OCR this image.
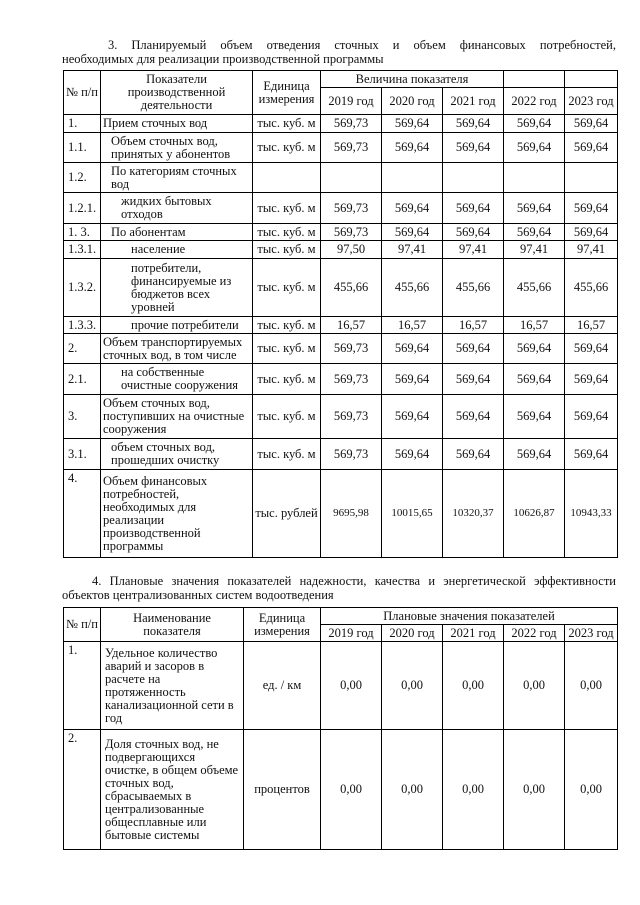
3. Планируемый объем отведения сточных и объем финансовых потребностей,
необходимых для реализации производственной программы
№ п/п	Показатели производственной деятельности	Единица измерения	Величина показателя				
			2019 год	2020 год	2021 год	2022 год	2023 год
1.	Прием сточных вод	тыс. куб. м	569,73	569,64	569,64	569,64	569,64
1.1.	Объем сточных вод, принятых у абонентов	тыс. куб. м	569,73	569,64	569,64	569,64	569,64
1.2.	По категориям сточных вод						
1.2.1.	жидких бытовых отходов	тыс. куб. м	569,73	569,64	569,64	569,64	569,64
1. 3.	По абонентам	тыс. куб. м	569,73	569,64	569,64	569,64	569,64
1.3.1.	население	тыс. куб. м	97,50	97,41	97,41	97,41	97,41
1.3.2.	потребители, финансируемые из бюджетов всех уровней	тыс. куб. м	455,66	455,66	455,66	455,66	455,66
1.3.3.	прочие потребители	тыс. куб. м	16,57	16,57	16,57	16,57	16,57
2.	Объем транспортируемых сточных вод, в том числе	тыс. куб. м	569,73	569,64	569,64	569,64	569,64
2.1.	на собственные очистные сооружения	тыс. куб. м	569,73	569,64	569,64	569,64	569,64
3.	Объем сточных вод, поступивших на очистные сооружения	тыс. куб. м	569,73	569,64	569,64	569,64	569,64
3.1.	объем сточных вод, прошедших очистку	тыс. куб. м	569,73	569,64	569,64	569,64	569,64
4.	Объем финансовых потребностей, необходимых для реализации производственной программы	тыс. рублей	9695,98	10015,65	10320,37	10626,87	10943,33
4. Плановые значения показателей надежности, качества и энергетической эффективности
объектов централизованных систем водоотведения
№ п/п	Наименование показателя	Единица измерения	Плановые значения показателей				
			2019 год	2020 год	2021 год	2022 год	2023 год
1.	Удельное количество аварий и засоров в расчете на протяженность канализационной сети в год	ед. / км	0,00	0,00	0,00	0,00	0,00
2.	Доля сточных вод, не подвергающихся очистке, в общем объеме сточных вод, сбрасываемых в централизованные общесплавные или бытовые системы	процентов	0,00	0,00	0,00	0,00	0,00
